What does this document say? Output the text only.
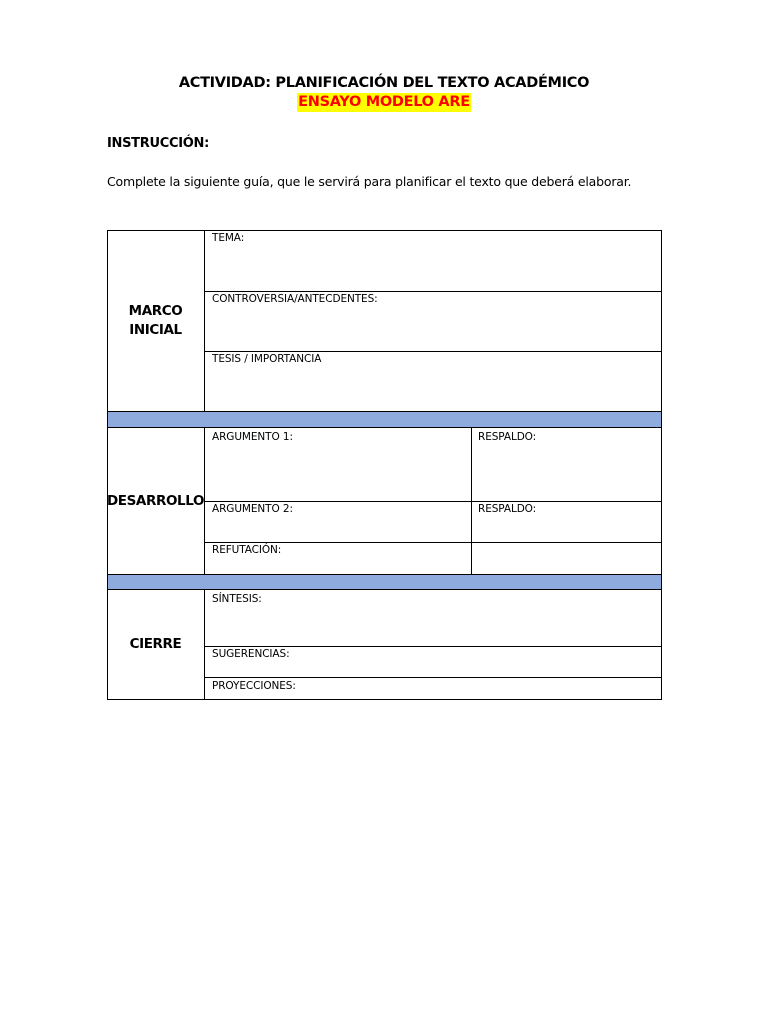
ACTIVIDAD: PLANIFICACIÓN DEL TEXTO ACADÉMICO
ENSAYO MODELO ARE
INSTRUCCIÓN:
Complete la siguiente guía, que le servirá para planificar el texto que deberá elaborar.
MARCO
INICIAL
DESARROLLO
CIERRE
TEMA:
CONTROVERSIA/ANTECDENTES:
TESIS / IMPORTANCIA
ARGUMENTO 1:	RESPALDO:
ARGUMENTO 2:	RESPALDO:
REFUTACIÓN:
SÍNTESIS:
SUGERENCIAS:
PROYECCIONES:
